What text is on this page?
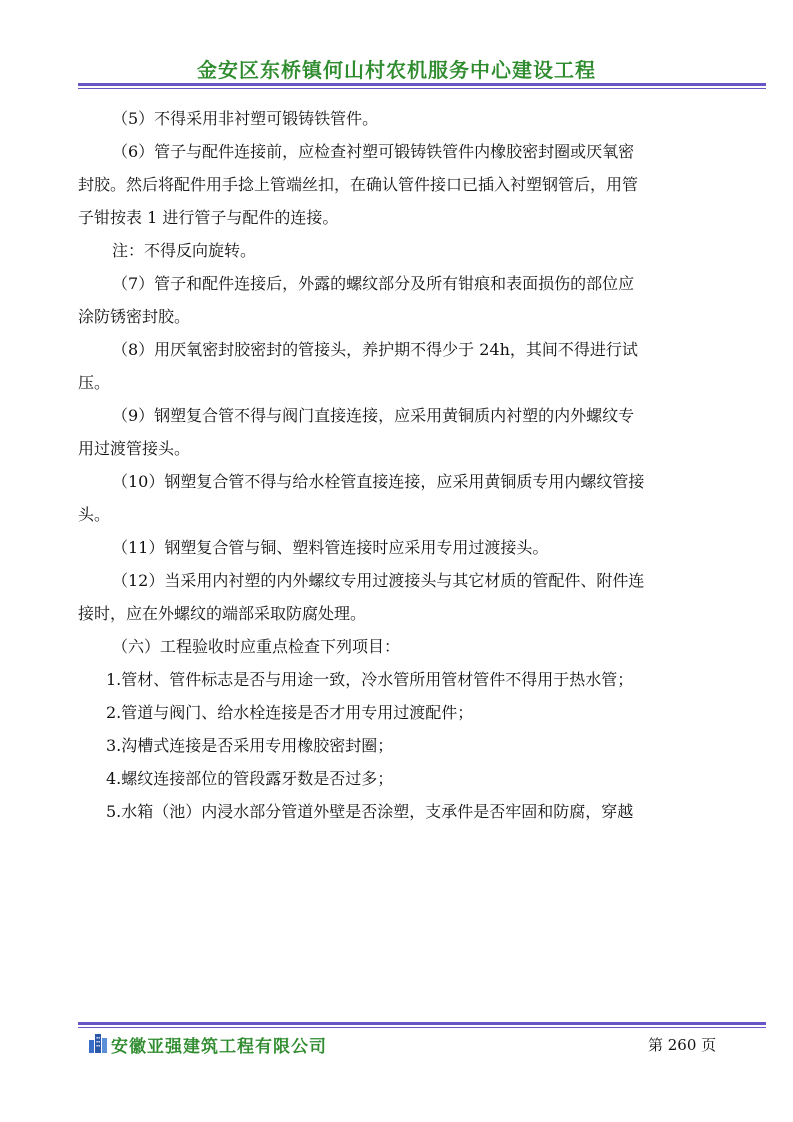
金安区东桥镇何山村农机服务中心建设工程

（5）不得采用非衬塑可锻铸铁管件。

（6）管子与配件连接前，应检查衬塑可锻铸铁管件内橡胶密封圈或厌氧密
封胶。然后将配件用手捻上管端丝扣，在确认管件接口已插入衬塑钢管后，用管
子钳按表 1 进行管子与配件的连接。

注：不得反向旋转。

（7）管子和配件连接后，外露的螺纹部分及所有钳痕和表面损伤的部位应
涂防锈密封胶。

（8）用厌氧密封胶密封的管接头，养护期不得少于 24h，其间不得进行试
压。

（9）钢塑复合管不得与阀门直接连接，应采用黄铜质内衬塑的内外螺纹专
用过渡管接头。

（10）钢塑复合管不得与给水栓管直接连接，应采用黄铜质专用内螺纹管接
头。

（11）钢塑复合管与铜、塑料管连接时应采用专用过渡接头。

（12）当采用内衬塑的内外螺纹专用过渡接头与其它材质的管配件、附件连
接时，应在外螺纹的端部采取防腐处理。

（六）工程验收时应重点检查下列项目：

1.管材、管件标志是否与用途一致，冷水管所用管材管件不得用于热水管；

2.管道与阀门、给水栓连接是否才用专用过渡配件；

3.沟槽式连接是否采用专用橡胶密封圈；

4.螺纹连接部位的管段露牙数是否过多；

5.水箱（池）内浸水部分管道外壁是否涂塑，支承件是否牢固和防腐，穿越

安徽亚强建筑工程有限公司	第 260 页
